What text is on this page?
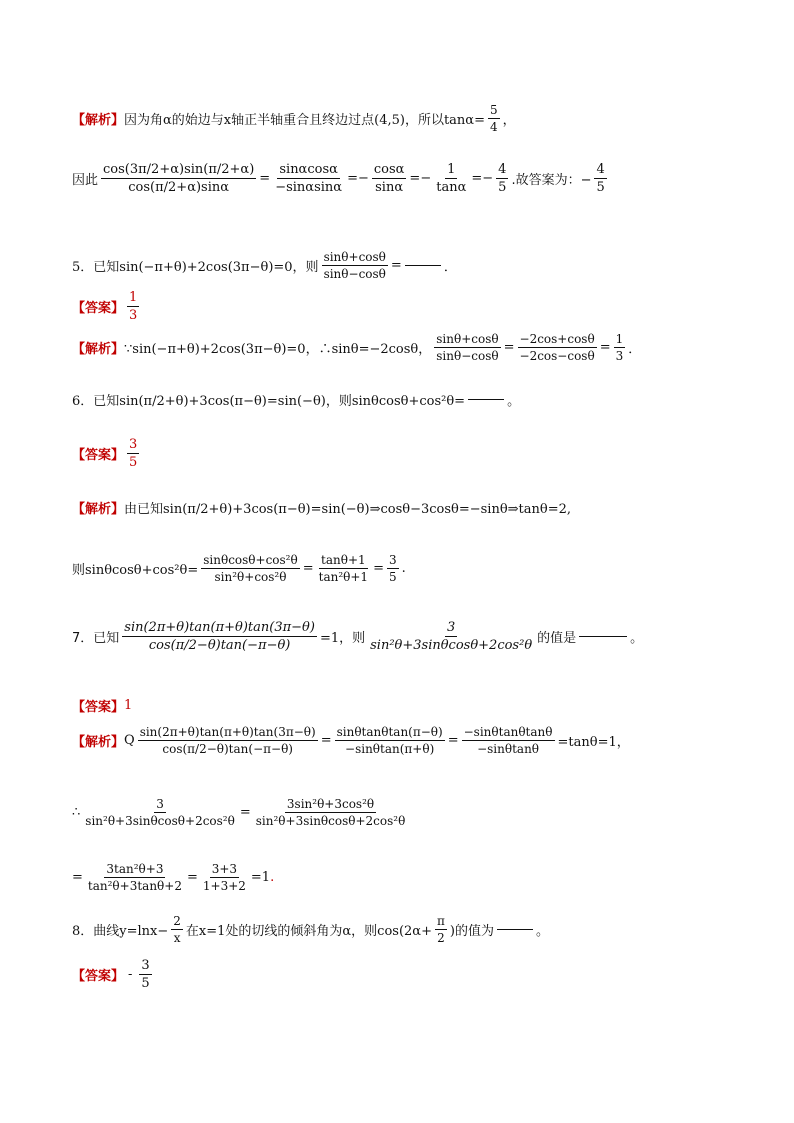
【解析】 因为角α的始边与x轴正半轴重合且终边过点(4,5)，所以$\tan\alpha= \frac{5}{4}$ ，
因此 $\frac{\cos(3\pi/2+\alpha)\sin(\pi/2+\alpha)}{\cos(\pi/2+\alpha)\sin\alpha} = \frac{\sin\alpha\cos\alpha}{-\sin\alpha\sin\alpha} =- \frac{\cos\alpha}{\sin\alpha} =- \frac{1}{\tan\alpha} =- \frac{4}{5}$ .故答案为：− $\frac{4}{5}$
5．已知sin(−π+θ)+2cos(3π−θ)=0，则 $\frac{\sin\theta+\cos\theta}{\sin\theta-\cos\theta}$ =	．
【答案】 $\frac{1}{3}$
【解析】 ∵sin(−π+θ)+2cos(3π−θ)=0，∴sinθ=−2cosθ， $\frac{\sin\theta+\cos\theta}{\sin\theta-\cos\theta} = \frac{-2\cos+\cos\theta}{-2\cos-\cos\theta} = \frac{1}{3}$ ．
6．已知sin(π/2+θ)+3cos(π−θ)=sin(−θ)，则sinθcosθ+cos²θ=	。
【答案】 $\frac{3}{5}$
【解析】 由已知sin(π/2+θ)+3cos(π−θ)=sin(−θ)⇒cosθ−3cosθ=−sinθ⇒tanθ=2,
则$\sin\theta\cos\theta+\cos^2\theta= \frac{\text{sinθcosθ+cos²θ}}{\text{sin²θ+cos²θ}} = \frac{\tan\theta+1}{\text{tan²θ+1}} = \frac{3}{5}$ .
7．已知 $\frac{\sin(2\pi+\theta)\tan(\pi+\theta)\tan(3\pi-\theta)}{\cos(\pi/2-\theta)\tan(-\pi-\theta)} =1$，则 $\frac{3}{\text{sin²θ+3sinθcosθ+2cos²θ}}$ 的值是	。
【答案】 1
【解析】 Q $\frac{\sin(2\pi+\theta)\tan(\pi+\theta)\tan(3\pi-\theta)}{\cos(\pi/2-\theta)\tan(-\pi-\theta)} = \frac{\sin\theta\tan\theta\tan(\pi-\theta)}{-\sin\theta\tan(\pi+\theta)} = \frac{-\sin\theta\tan\theta\tan\theta}{-\sin\theta\tan\theta} =\tan\theta=1$，
∴ $\frac{3}{\text{sin²θ+3sinθcosθ+2cos²θ}} = \frac{\text{3sin²θ+3cos²θ}}{\text{sin²θ+3sinθcosθ+2cos²θ}}$
= $\frac{\text{3tan²θ+3}}{\text{tan²θ+3tanθ+2}} = \frac{3+3}{1+3+2} =1$ .
8．曲线$y=\ln x- \frac{2}{x}$ 在x=1处的切线的倾斜角为α，则$\cos(2\alpha+ \frac{\pi}{2}$ )的值为	。
【答案】 - $\frac{3}{5}$
